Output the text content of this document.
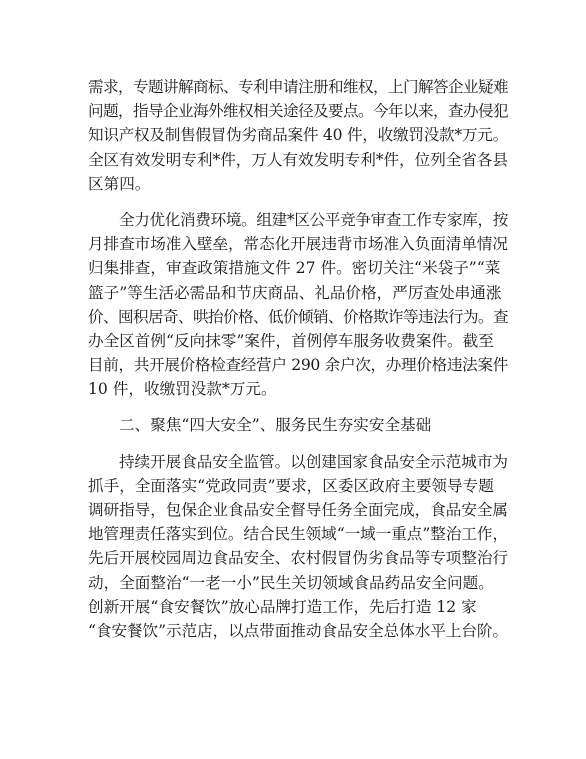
需求，专题讲解商标、专利申请注册和维权，上门解答企业疑难
问题，指导企业海外维权相关途径及要点。今年以来，查办侵犯
知识产权及制售假冒伪劣商品案件 40 件，收缴罚没款*万元。
全区有效发明专利*件，万人有效发明专利*件，位列全省各县
区第四。

全力优化消费环境。组建*区公平竞争审查工作专家库，按
月排查市场准入壁垒，常态化开展违背市场准入负面清单情况
归集排查，审查政策措施文件 27 件。密切关注“米袋子”“菜
篮子”等生活必需品和节庆商品、礼品价格，严厉查处串通涨
价、囤积居奇、哄抬价格、低价倾销、价格欺诈等违法行为。查
办全区首例“反向抹零”案件，首例停车服务收费案件。截至
目前，共开展价格检查经营户 290 余户次，办理价格违法案件
10 件，收缴罚没款*万元。

二、聚焦“四大安全”、服务民生夯实安全基础

持续开展食品安全监管。以创建国家食品安全示范城市为
抓手，全面落实“党政同责”要求，区委区政府主要领导专题
调研指导，包保企业食品安全督导任务全面完成，食品安全属
地管理责任落实到位。结合民生领域“一域一重点”整治工作，
先后开展校园周边食品安全、农村假冒伪劣食品等专项整治行
动，全面整治“一老一小”民生关切领域食品药品安全问题。
创新开展“食安餐饮”放心品牌打造工作，先后打造 12 家
“食安餐饮”示范店，以点带面推动食品安全总体水平上台阶。
